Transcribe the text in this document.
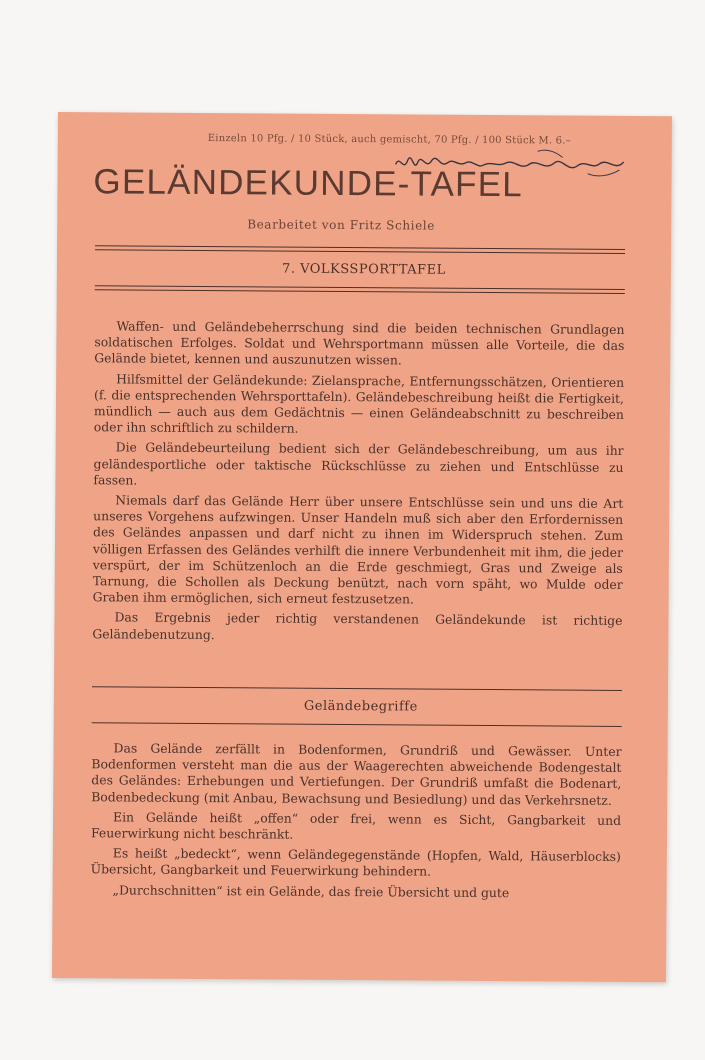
Einzeln 10 Pfg. / 10 Stück, auch gemischt, 70 Pfg. / 100 Stück M. 6.–
GELÄNDEKUNDE-TAFEL
Bearbeitet von Fritz Schiele
7. VOLKSSPORTTAFEL

Waffen- und Geländebeherrschung sind die beiden technischen Grundlagen soldatischen Erfolges. Soldat und Wehrsportmann müssen alle Vorteile, die das Gelände bietet, kennen und auszunutzen wissen.

Hilfsmittel der Geländekunde: Zielansprache, Entfernungsschätzen, Orientieren (f. die entsprechenden Wehrsporttafeln). Geländebeschreibung heißt die Fertigkeit, mündlich — auch aus dem Gedächtnis — einen Geländeabschnitt zu beschreiben oder ihn schriftlich zu schildern.

Die Geländebeurteilung bedient sich der Geländebeschreibung, um aus ihr geländesportliche oder taktische Rückschlüsse zu ziehen und Entschlüsse zu fassen.

Niemals darf das Gelände Herr über unsere Entschlüsse sein und uns die Art unseres Vorgehens aufzwingen. Unser Handeln muß sich aber den Erfordernissen des Geländes anpassen und darf nicht zu ihnen im Widerspruch stehen. Zum völligen Erfassen des Geländes verhilft die innere Verbundenheit mit ihm, die jeder verspürt, der im Schützenloch an die Erde geschmiegt, Gras und Zweige als Tarnung, die Schollen als Deckung benützt, nach vorn späht, wo Mulde oder Graben ihm ermöglichen, sich erneut festzusetzen.

Das Ergebnis jeder richtig verstandenen Geländekunde ist richtige Geländebenutzung.

Geländebegriffe

Das Gelände zerfällt in Bodenformen, Grundriß und Gewässer. Unter Bodenformen versteht man die aus der Waagerechten abweichende Bodengestalt des Geländes: Erhebungen und Vertiefungen. Der Grundriß umfaßt die Bodenart, Bodenbedeckung (mit Anbau, Bewachsung und Besiedlung) und das Verkehrsnetz.

Ein Gelände heißt „offen“ oder frei, wenn es Sicht, Gangbarkeit und Feuerwirkung nicht beschränkt.

Es heißt „bedeckt“, wenn Geländegegenstände (Hopfen, Wald, Häuserblocks) Übersicht, Gangbarkeit und Feuerwirkung behindern.

„Durchschnitten“ ist ein Gelände, das freie Übersicht und gute
